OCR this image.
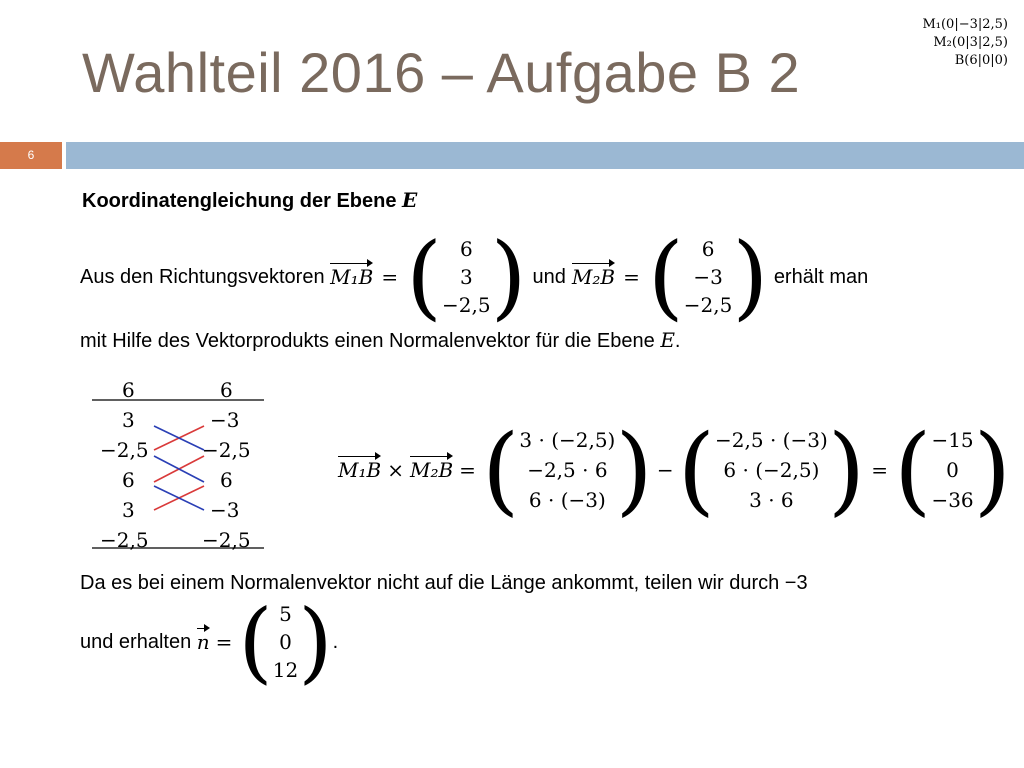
Wahlteil 2016 – Aufgabe B 2
M₁(0|−3|2,5)
M₂(0|3|2,5)
B(6|0|0)
6
Koordinatengleichung der Ebene E
Aus den Richtungsvektoren
M₁B = ( 6
3
−2,5 ) und M₂B = ( 6
−3
−2,5 )
erhält man
mit Hilfe des Vektorprodukts einen Normalenvektor für die Ebene E.
6
3
−2,5
6
3
−2,5
6
−3
−2,5
6
−3
−2,5
M₁B × M₂B = ( 3 · (−2,5)
−2,5 · 6
6 · (−3) ) − ( −2,5 · (−3)
6 · (−2,5)
3 · 6 ) = ( −15
0
−36 )
Da es bei einem Normalenvektor nicht auf die Länge ankommt, teilen wir durch −3
und erhalten
n = ( 5
0
12 ) .
